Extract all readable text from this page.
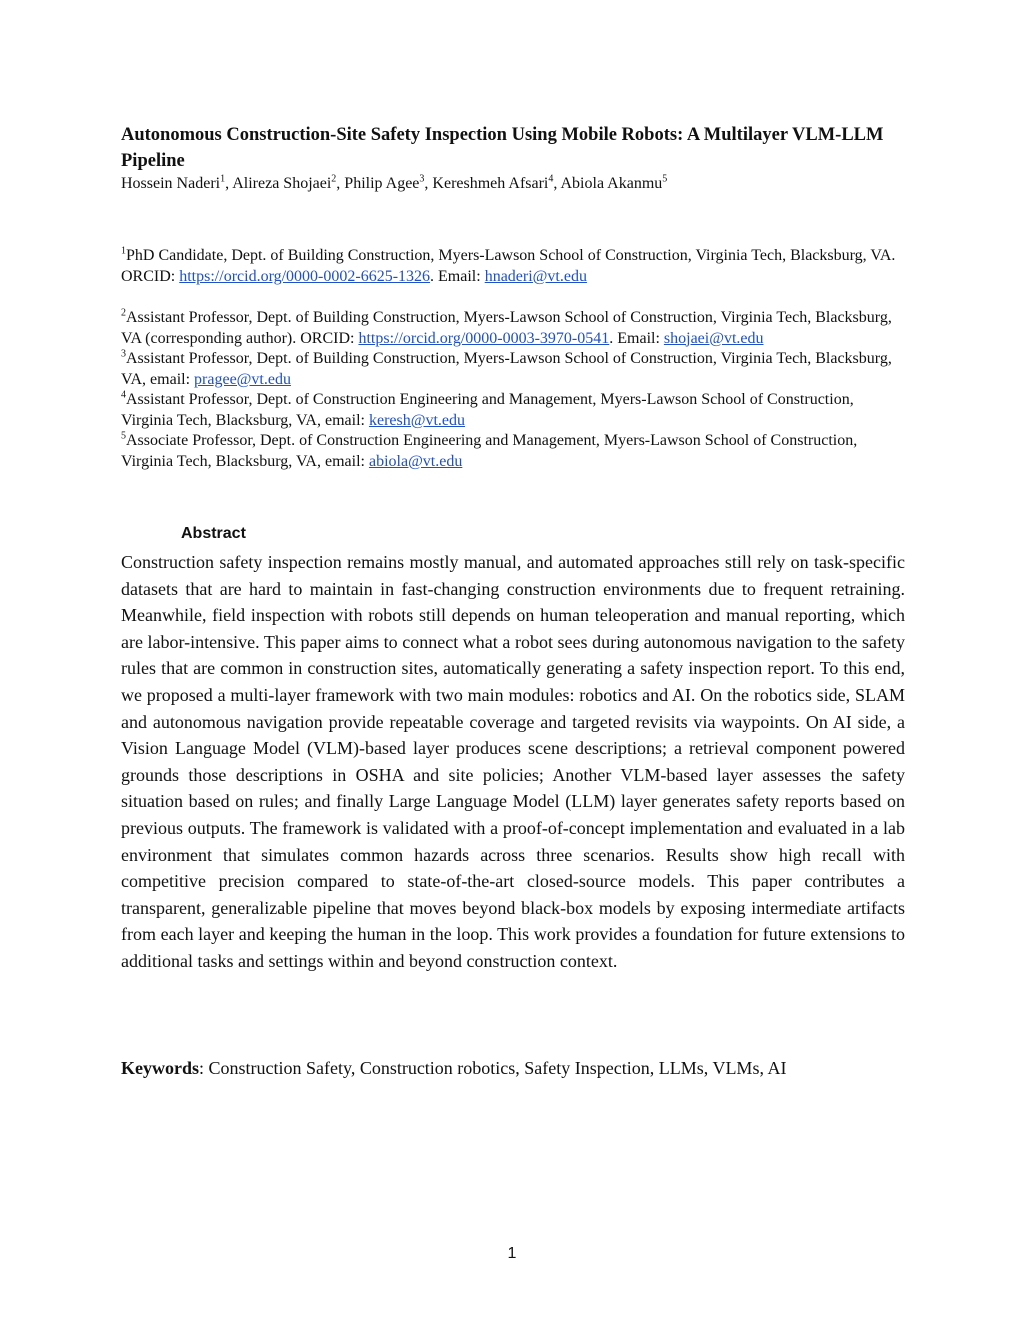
Autonomous Construction-Site Safety Inspection Using Mobile Robots: A Multilayer VLM-LLM Pipeline
Hossein Naderi$^1$, Alireza Shojaei$^2$, Philip Agee$^3$, Kereshmeh Afsari$^4$, Abiola Akanmu$^5$

$^1$PhD Candidate, Dept. of Building Construction, Myers-Lawson School of Construction, Virginia Tech, Blacksburg, VA. ORCID: https://orcid.org/0000-0002-6625-1326. Email: hnaderi@vt.edu

$^2$Assistant Professor, Dept. of Building Construction, Myers-Lawson School of Construction, Virginia Tech, Blacksburg, VA (corresponding author). ORCID: https://orcid.org/0000-0003-3970-0541. Email: shojaei@vt.edu

$^3$Assistant Professor, Dept. of Building Construction, Myers-Lawson School of Construction, Virginia Tech, Blacksburg, VA, email: pragee@vt.edu

$^4$Assistant Professor, Dept. of Construction Engineering and Management, Myers-Lawson School of Construction, Virginia Tech, Blacksburg, VA, email: keresh@vt.edu

$^5$Associate Professor, Dept. of Construction Engineering and Management, Myers-Lawson School of Construction, Virginia Tech, Blacksburg, VA, email: abiola@vt.edu

Abstract
Construction safety inspection remains mostly manual, and automated approaches still rely on task-specific datasets that are hard to maintain in fast-changing construction environments due to frequent retraining. Meanwhile, field inspection with robots still depends on human teleoperation and manual reporting, which are labor-intensive. This paper aims to connect what a robot sees during autonomous navigation to the safety rules that are common in construction sites, automatically generating a safety inspection report. To this end, we proposed a multi-layer framework with two main modules: robotics and AI. On the robotics side, SLAM and autonomous navigation provide repeatable coverage and targeted revisits via waypoints. On AI side, a Vision Language Model (VLM)-based layer produces scene descriptions; a retrieval component powered grounds those descriptions in OSHA and site policies; Another VLM-based layer assesses the safety situation based on rules; and finally Large Language Model (LLM) layer generates safety reports based on previous outputs. The framework is validated with a proof-of-concept implementation and evaluated in a lab environment that simulates common hazards across three scenarios. Results show high recall with competitive precision compared to state-of-the-art closed-source models. This paper contributes a transparent, generalizable pipeline that moves beyond black-box models by exposing intermediate artifacts from each layer and keeping the human in the loop. This work provides a foundation for future extensions to additional tasks and settings within and beyond construction context.
Keywords: Construction Safety, Construction robotics, Safety Inspection, LLMs, VLMs, AI
1
